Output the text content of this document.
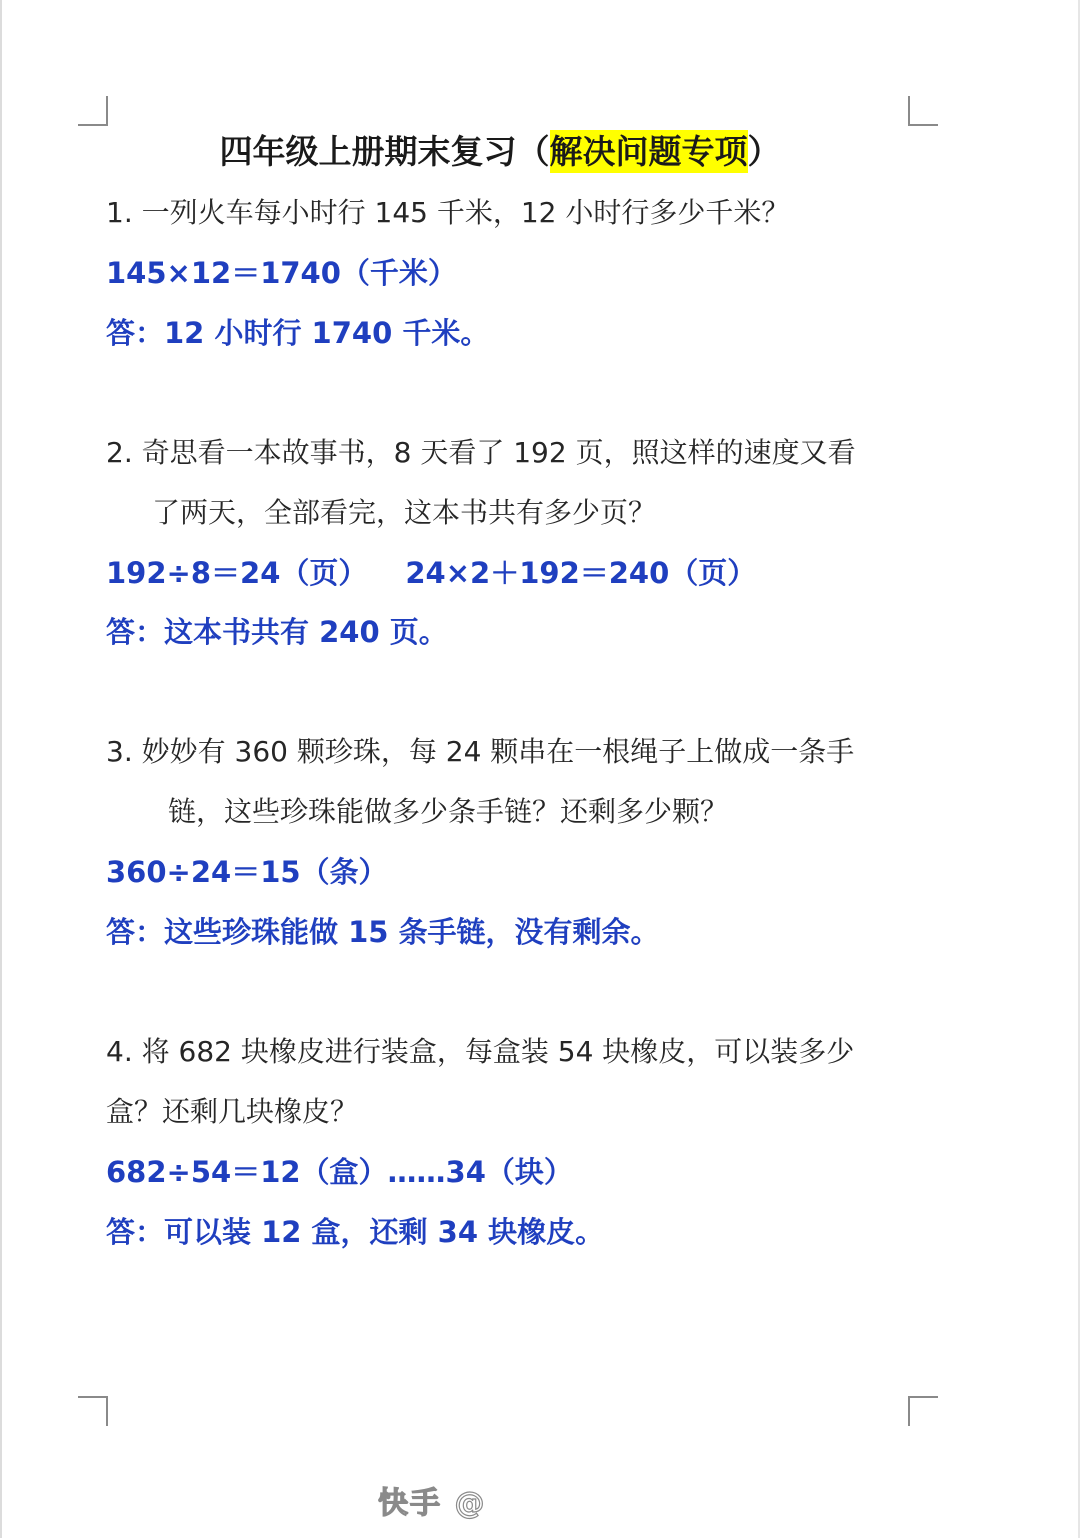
四年级上册期末复习（解决问题专项）
1. 一列火车每小时行 145 千米，12 小时行多少千米？
145×12＝1740（千米）
答：12 小时行 1740 千米。
2. 奇思看一本故事书，8 天看了 192 页，照这样的速度又看
了两天，全部看完，这本书共有多少页？
192÷8＝24（页） 24×2＋192＝240（页）
答：这本书共有 240 页。
3. 妙妙有 360 颗珍珠，每 24 颗串在一根绳子上做成一条手
链，这些珍珠能做多少条手链？还剩多少颗？
360÷24＝15（条）
答：这些珍珠能做 15 条手链，没有剩余。
4. 将 682 块橡皮进行装盒，每盒装 54 块橡皮，可以装多少
盒？还剩几块橡皮？
682÷54＝12（盒）……34（块）
答：可以装 12 盒，还剩 34 块橡皮。
快手 @
